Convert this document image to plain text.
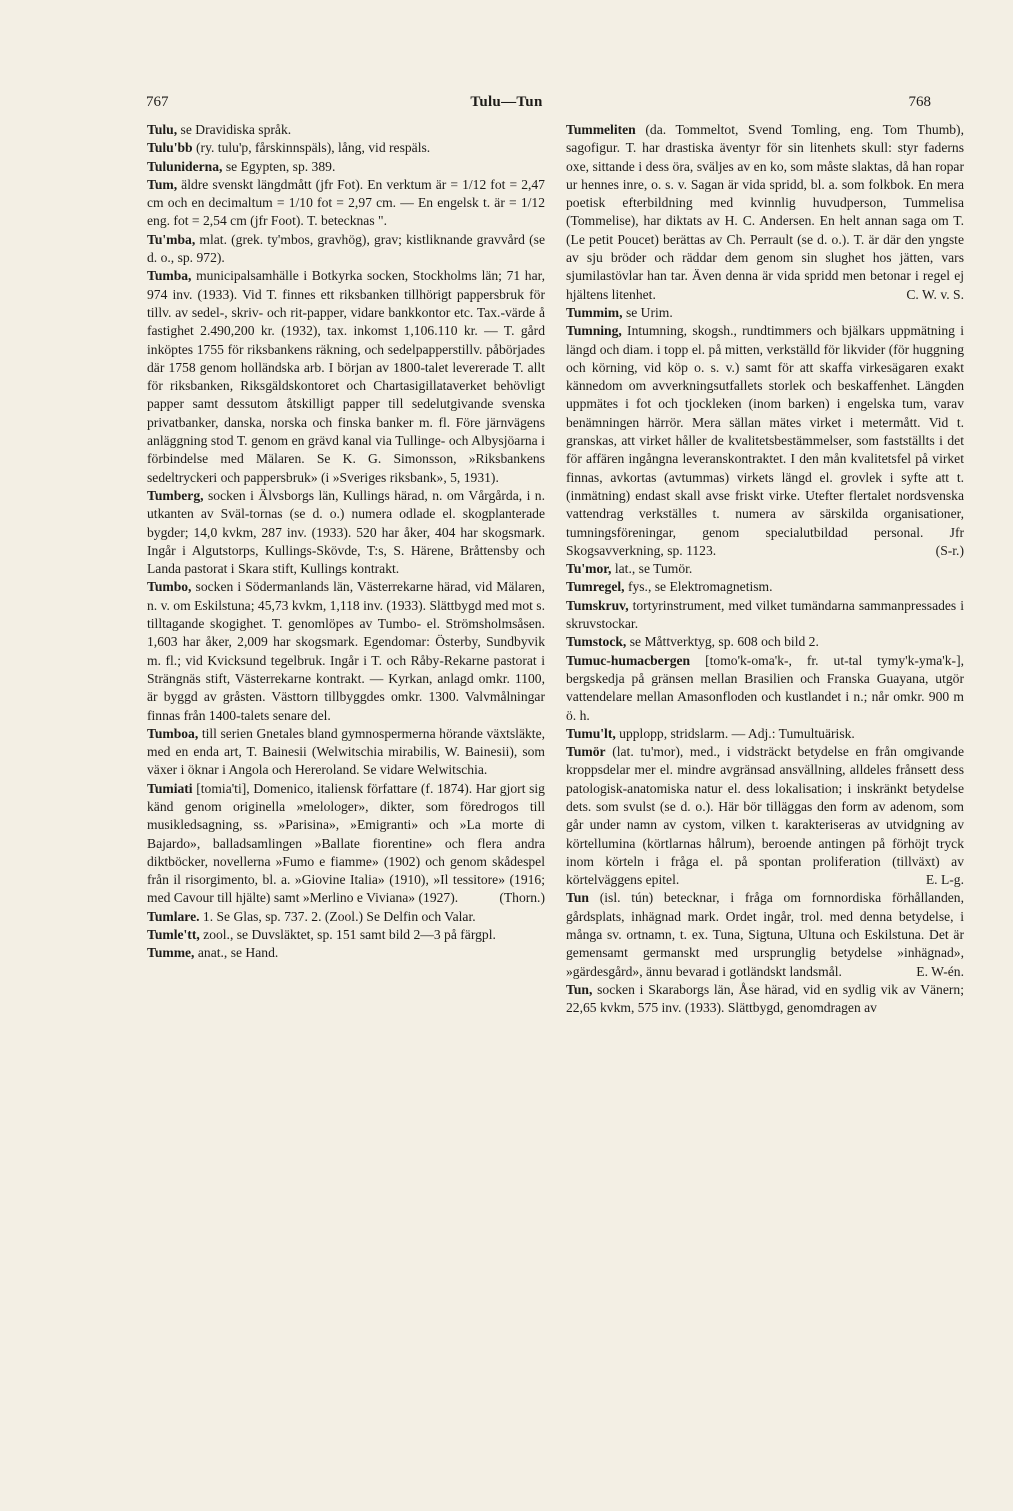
767	Tulu—Tun	768

Tulu, se Dravidiska språk.

Tulu'bb (ry. tulu'p, fårskinnspäls), lång, vid respäls.

Tuluniderna, se Egypten, sp. 389.

Tum, äldre svenskt längdmått (jfr Fot). En verktum är = 1/12 fot = 2,47 cm och en decimaltum = 1/10 fot = 2,97 cm. — En engelsk t. är = 1/12 eng. fot = 2,54 cm (jfr Foot). T. betecknas ".

Tu'mba, mlat. (grek. ty'mbos, gravhög), grav; kistliknande gravvård (se d. o., sp. 972).

Tumba, municipalsamhälle i Botkyrka socken, Stockholms län; 71 har, 974 inv. (1933). Vid T. finnes ett riksbanken tillhörigt pappersbruk för tillv. av sedel-, skriv- och rit-papper, vidare bankkontor etc. Tax.-värde å fastighet 2.490,200 kr. (1932), tax. inkomst 1,106.110 kr. — T. gård inköptes 1755 för riksbankens räkning, och sedelpapperstillv. påbörjades där 1758 genom holländska arb. I början av 1800-talet levererade T. allt för riksbanken, Riksgäldskontoret och Chartasigillataverket behövligt papper samt dessutom åtskilligt papper till sedelutgivande svenska privatbanker, danska, norska och finska banker m. fl. Före järnvägens anläggning stod T. genom en grävd kanal via Tullinge- och Albysjöarna i förbindelse med Mälaren. Se K. G. Simonsson, »Riksbankens sedeltryckeri och pappersbruk» (i »Sveriges riksbank», 5, 1931).

Tumberg, socken i Älvsborgs län, Kullings härad, n. om Vårgårda, i n. utkanten av Sväl-tornas (se d. o.) numera odlade el. skogplanterade bygder; 14,0 kvkm, 287 inv. (1933). 520 har åker, 404 har skogsmark. Ingår i Algutstorps, Kullings-Skövde, T:s, S. Härene, Bråttensby och Landa pastorat i Skara stift, Kullings kontrakt.

Tumbo, socken i Södermanlands län, Västerrekarne härad, vid Mälaren, n. v. om Eskilstuna; 45,73 kvkm, 1,118 inv. (1933). Slättbygd med mot s. tilltagande skogighet. T. genomlöpes av Tumbo- el. Strömsholmsåsen. 1,603 har åker, 2,009 har skogsmark. Egendomar: Österby, Sundbyvik m. fl.; vid Kvicksund tegelbruk. Ingår i T. och Råby-Rekarne pastorat i Strängnäs stift, Västerrekarne kontrakt. — Kyrkan, anlagd omkr. 1100, är byggd av gråsten. Västtorn tillbyggdes omkr. 1300. Valvmålningar finnas från 1400-talets senare del.

Tumboa, till serien Gnetales bland gymnospermerna hörande växtsläkte, med en enda art, T. Bainesii (Welwitschia mirabilis, W. Bainesii), som växer i öknar i Angola och Hereroland. Se vidare Welwitschia.

Tumiati [tomia'ti], Domenico, italiensk författare (f. 1874). Har gjort sig känd genom originella »melologer», dikter, som föredrogos till musikledsagning, ss. »Parisina», »Emigranti» och »La morte di Bajardo», balladsamlingen »Ballate fiorentine» och flera andra diktböcker, novellerna »Fumo e fiamme» (1902) och genom skådespel från il risorgimento, bl. a. »Giovine Italia» (1910), »Il tessitore» (1916; med Cavour till hjälte) samt »Merlino e Viviana» (1927).	(Thorn.)

Tumlare. 1. Se Glas, sp. 737. 2. (Zool.) Se Delfin och Valar.

Tumle'tt, zool., se Duvsläktet, sp. 151 samt bild 2—3 på färgpl.

Tumme, anat., se Hand.

Tummeliten (da. Tommeltot, Svend Tomling, eng. Tom Thumb), sagofigur. T. har drastiska äventyr för sin litenhets skull: styr faderns oxe, sittande i dess öra, sväljes av en ko, som måste slaktas, då han ropar ur hennes inre, o. s. v. Sagan är vida spridd, bl. a. som folkbok. En mera poetisk efterbildning med kvinnlig huvudperson, Tummelisa (Tommelise), har diktats av H. C. Andersen. En helt annan saga om T. (Le petit Poucet) berättas av Ch. Perrault (se d. o.). T. är där den yngste av sju bröder och räddar dem genom sin slughet hos jätten, vars sjumilastövlar han tar. Även denna är vida spridd men betonar i regel ej hjältens litenhet.	C. W. v. S.

Tummim, se Urim.

Tumning, Intumning, skogsh., rundtimmers och bjälkars uppmätning i längd och diam. i topp el. på mitten, verkställd för likvider (för huggning och körning, vid köp o. s. v.) samt för att skaffa virkesägaren exakt kännedom om avverkningsutfallets storlek och beskaffenhet. Längden uppmätes i fot och tjockleken (inom barken) i engelska tum, varav benämningen härrör. Mera sällan mätes virket i metermått. Vid t. granskas, att virket håller de kvalitetsbestämmelser, som fastställts i det för affären ingångna leveranskontraktet. I den mån kvalitetsfel på virket finnas, avkortas (avtummas) virkets längd el. grovlek i syfte att t. (inmätning) endast skall avse friskt virke. Utefter flertalet nordsvenska vattendrag verkställes t. numera av särskilda organisationer, tumningsföreningar, genom specialutbildad personal. Jfr Skogsavverkning, sp. 1123.	(S-r.)

Tu'mor, lat., se Tumör.

Tumregel, fys., se Elektromagnetism.

Tumskruv, tortyrinstrument, med vilket tumändarna sammanpressades i skruvstockar.

Tumstock, se Måttverktyg, sp. 608 och bild 2.

Tumuc-humacbergen [tomo'k-oma'k-, fr. ut-tal tymy'k-yma'k-], bergskedja på gränsen mellan Brasilien och Franska Guayana, utgör vattendelare mellan Amasonfloden och kustlandet i n.; når omkr. 900 m ö. h.

Tumu'lt, upplopp, stridslarm. — Adj.: Tumultuärisk.

Tumör (lat. tu'mor), med., i vidsträckt betydelse en från omgivande kroppsdelar mer el. mindre avgränsad ansvällning, alldeles frånsett dess patologisk-anatomiska natur el. dess lokalisation; i inskränkt betydelse dets. som svulst (se d. o.). Här bör tilläggas den form av adenom, som går under namn av cystom, vilken t. karakteriseras av utvidgning av körtellumina (körtlarnas hålrum), beroende antingen på förhöjt tryck inom körteln i fråga el. på spontan proliferation (tillväxt) av körtelväggens epitel.	E. L-g.

Tun (isl. tún) betecknar, i fråga om fornnordiska förhållanden, gårdsplats, inhägnad mark. Ordet ingår, trol. med denna betydelse, i många sv. ortnamn, t. ex. Tuna, Sigtuna, Ultuna och Eskilstuna. Det är gemensamt germanskt med ursprunglig betydelse »inhägnad», »gärdesgård», ännu bevarad i gotländskt landsmål.	E. W-én.

Tun, socken i Skaraborgs län, Åse härad, vid en sydlig vik av Vänern; 22,65 kvkm, 575 inv. (1933). Slättbygd, genomdragen av
